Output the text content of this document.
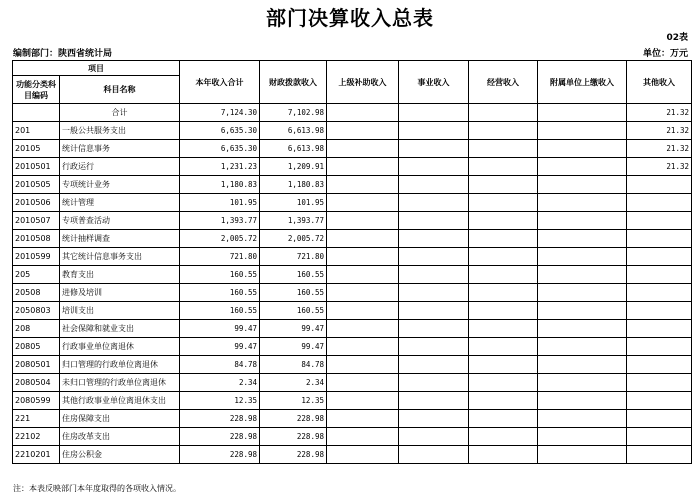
部门决算收入总表
02表
编制部门：陕西省统计局	单位：万元
项目		本年收入合计	财政拨款收入	上级补助收入	事业收入	经营收入	附属单位上缴收入	其他收入
功能分类科目编码	科目名称							
	合计	7,124.30	7,102.98					21.32
201	一般公共服务支出	6,635.30	6,613.98					21.32
20105	统计信息事务	6,635.30	6,613.98					21.32
2010501	行政运行	1,231.23	1,209.91					21.32
2010505	专项统计业务	1,180.83	1,180.83					
2010506	统计管理	101.95	101.95					
2010507	专项普查活动	1,393.77	1,393.77					
2010508	统计抽样调查	2,005.72	2,005.72					
2010599	其它统计信息事务支出	721.80	721.80					
205	教育支出	160.55	160.55					
20508	进修及培训	160.55	160.55					
2050803	培训支出	160.55	160.55					
208	社会保障和就业支出	99.47	99.47					
20805	行政事业单位离退休	99.47	99.47					
2080501	归口管理的行政单位离退休	84.78	84.78					
2080504	未归口管理的行政单位离退休	2.34	2.34					
2080599	其他行政事业单位离退休支出	12.35	12.35					
221	住房保障支出	228.98	228.98					
22102	住房改革支出	228.98	228.98					
2210201	住房公积金	228.98	228.98					
注：本表反映部门本年度取得的各项收入情况。
